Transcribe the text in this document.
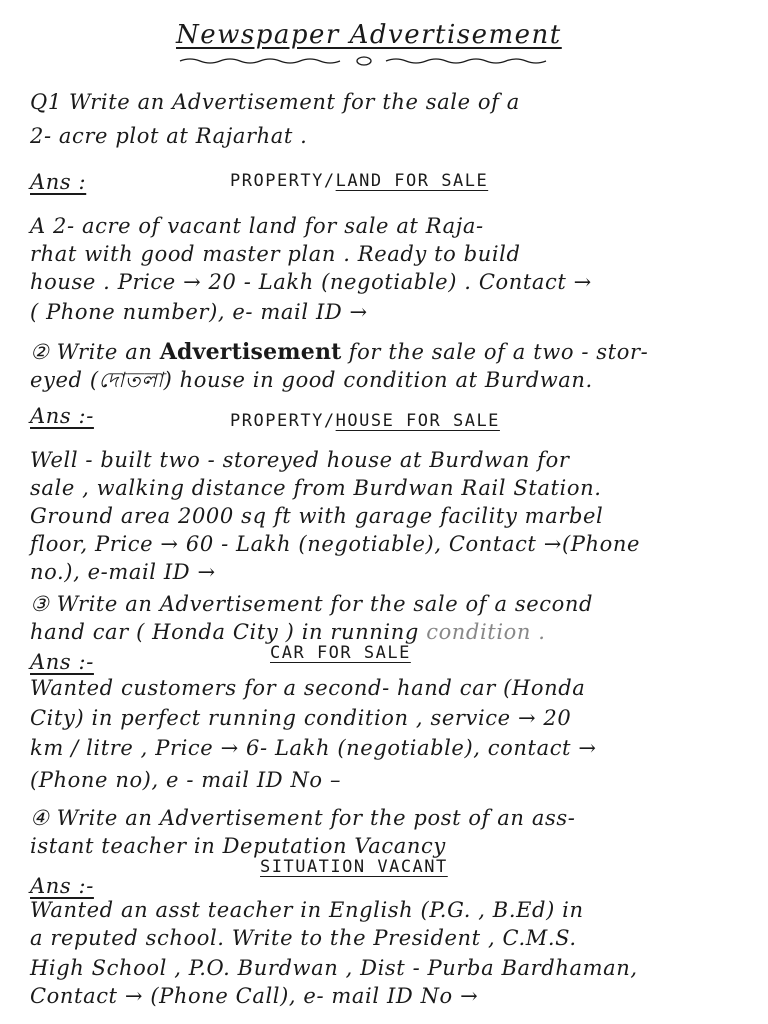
Newspaper Advertisement
Q1 Write an Advertisement for the sale of a
2- acre plot at Rajarhat .
Ans :	PROPERTY/LAND FOR SALE
A 2- acre of vacant land for sale at Raja-
rhat with good master plan . Ready to build
house . Price → 20 - Lakh (negotiable) . Contact →
( Phone number), e- mail ID →
② Write an Advertisement for the sale of a two - stor-
eyed (দোতলা) house in good condition at Burdwan.
Ans :-	PROPERTY/HOUSE FOR SALE
Well - built two - storeyed house at Burdwan for
sale , walking distance from Burdwan Rail Station.
Ground area 2000 sq ft with garage facility marbel
floor, Price → 60 - Lakh (negotiable), Contact →(Phone
no.), e-mail ID →
③ Write an Advertisement for the sale of a second
hand car ( Honda City ) in running condition .
Ans :-	CAR FOR SALE
Wanted customers for a second- hand car (Honda
City) in perfect running condition , service → 20
km / litre , Price → 6- Lakh (negotiable), contact →
(Phone no), e - mail ID No –
④ Write an Advertisement for the post of an ass-
istant teacher in Deputation Vacancy
Ans :-
SITUATION VACANT
Wanted an asst teacher in English (P.G. , B.Ed) in
a reputed school. Write to the President , C.M.S.
High School , P.O. Burdwan , Dist - Purba Bardhaman,
Contact → (Phone Call), e- mail ID No →
